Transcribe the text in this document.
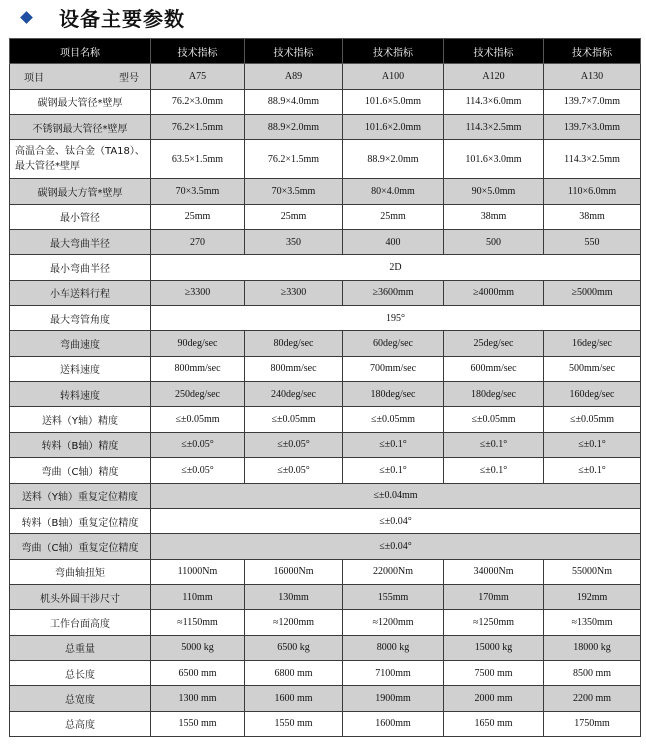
设备主要参数
项目名称	技术指标	技术指标	技术指标	技术指标	技术指标

项目 型号	A75	A89	A100	A120	A130
碳钢最大管径*壁厚	76.2×3.0mm	88.9×4.0mm	101.6×5.0mm	114.3×6.0mm	139.7×7.0mm
不锈钢最大管径*壁厚	76.2×1.5mm	88.9×2.0mm	101.6×2.0mm	114.3×2.5mm	139.7×3.0mm
高温合金、钛合金（TA18）、最大管径*壁厚	63.5×1.5mm	76.2×1.5mm	88.9×2.0mm	101.6×3.0mm	114.3×2.5mm
碳钢最大方管*壁厚	70×3.5mm	70×3.5mm	80×4.0mm	90×5.0mm	110×6.0mm
最小管径	25mm	25mm	25mm	38mm	38mm
最大弯曲半径	270	350	400	500	550
最小弯曲半径	2D				
小车送料行程	≥3300	≥3300	≥3600mm	≥4000mm	≥5000mm
最大弯管角度	195°				
弯曲速度	90deg/sec	80deg/sec	60deg/sec	25deg/sec	16deg/sec
送料速度	800mm/sec	800mm/sec	700mm/sec	600mm/sec	500mm/sec
转料速度	250deg/sec	240deg/sec	180deg/sec	180deg/sec	160deg/sec
送料（Y轴）精度	≤±0.05mm	≤±0.05mm	≤±0.05mm	≤±0.05mm	≤±0.05mm
转料（B轴）精度	≤±0.05°	≤±0.05°	≤±0.1°	≤±0.1°	≤±0.1°
弯曲（C轴）精度	≤±0.05°	≤±0.05°	≤±0.1°	≤±0.1°	≤±0.1°
送料（Y轴）重复定位精度	≤±0.04mm				
转料（B轴）重复定位精度	≤±0.04°				
弯曲（C轴）重复定位精度	≤±0.04°				
弯曲轴扭矩	11000Nm	16000Nm	22000Nm	34000Nm	55000Nm
机头外圆干涉尺寸	110mm	130mm	155mm	170mm	192mm
工作台面高度	≈1150mm	≈1200mm	≈1200mm	≈1250mm	≈1350mm
总重量	5000 kg	6500 kg	8000 kg	15000 kg	18000 kg
总长度	6500 mm	6800 mm	7100mm	7500 mm	8500 mm
总宽度	1300 mm	1600 mm	1900mm	2000 mm	2200 mm
总高度	1550 mm	1550 mm	1600mm	1650 mm	1750mm
